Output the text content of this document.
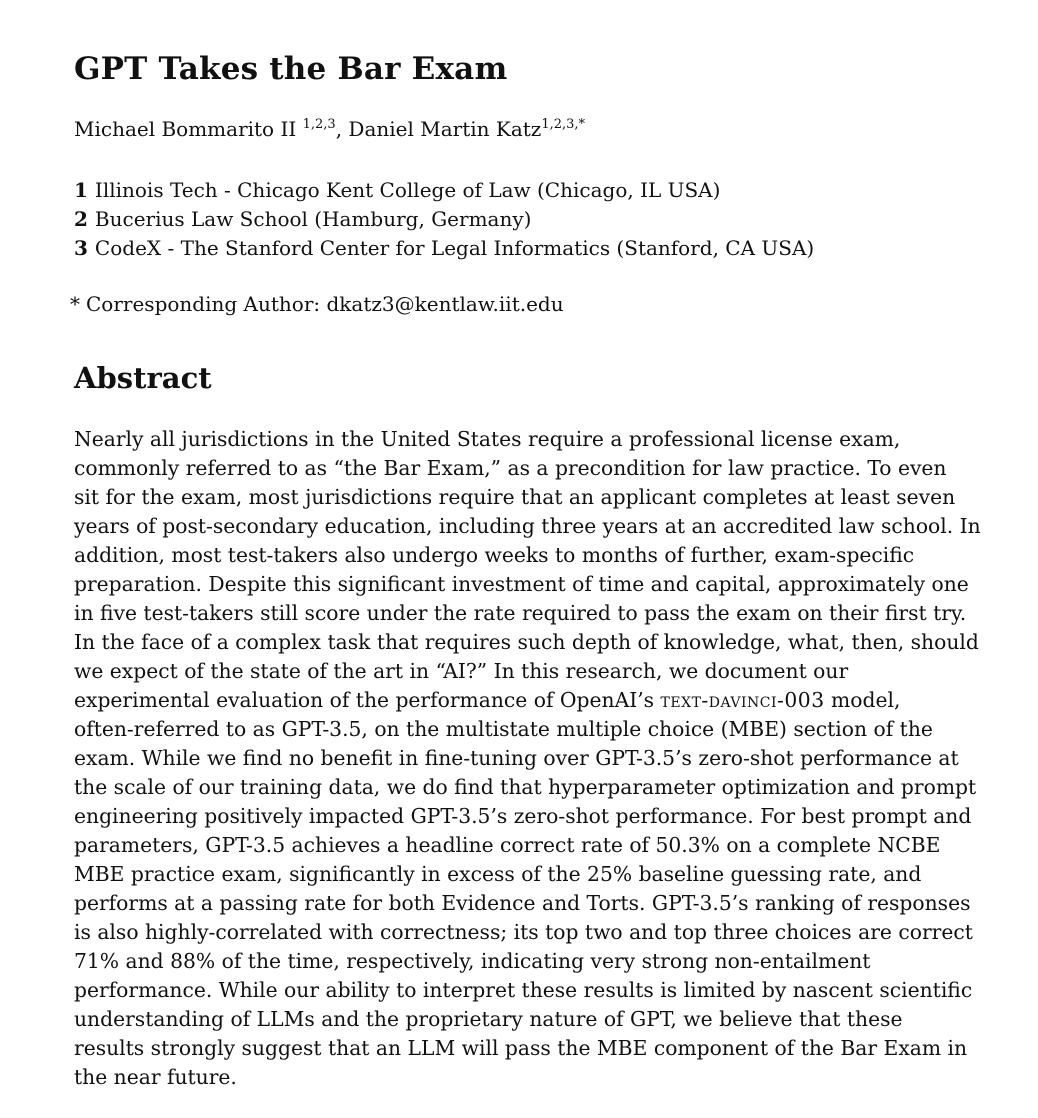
GPT Takes the Bar Exam
Michael Bommarito II $^{1,2,3}$, Daniel Martin Katz$^{1,2,3,*}$
1 Illinois Tech - Chicago Kent College of Law (Chicago, IL USA)
2 Bucerius Law School (Hamburg, Germany)
3 CodeX - The Stanford Center for Legal Informatics (Stanford, CA USA)
* Corresponding Author: dkatz3@kentlaw.iit.edu
Abstract
Nearly all jurisdictions in the United States require a professional license exam,
commonly referred to as “the Bar Exam,” as a precondition for law practice. To even
sit for the exam, most jurisdictions require that an applicant completes at least seven
years of post-secondary education, including three years at an accredited law school. In
addition, most test-takers also undergo weeks to months of further, exam-specific
preparation. Despite this significant investment of time and capital, approximately one
in five test-takers still score under the rate required to pass the exam on their first try.
In the face of a complex task that requires such depth of knowledge, what, then, should
we expect of the state of the art in “AI?” In this research, we document our
experimental evaluation of the performance of OpenAI’s text-davinci-003 model,
often-referred to as GPT-3.5, on the multistate multiple choice (MBE) section of the
exam. While we find no benefit in fine-tuning over GPT-3.5’s zero-shot performance at
the scale of our training data, we do find that hyperparameter optimization and prompt
engineering positively impacted GPT-3.5’s zero-shot performance. For best prompt and
parameters, GPT-3.5 achieves a headline correct rate of 50.3% on a complete NCBE
MBE practice exam, significantly in excess of the 25% baseline guessing rate, and
performs at a passing rate for both Evidence and Torts. GPT-3.5’s ranking of responses
is also highly-correlated with correctness; its top two and top three choices are correct
71% and 88% of the time, respectively, indicating very strong non-entailment
performance. While our ability to interpret these results is limited by nascent scientific
understanding of LLMs and the proprietary nature of GPT, we believe that these
results strongly suggest that an LLM will pass the MBE component of the Bar Exam in
the near future.
